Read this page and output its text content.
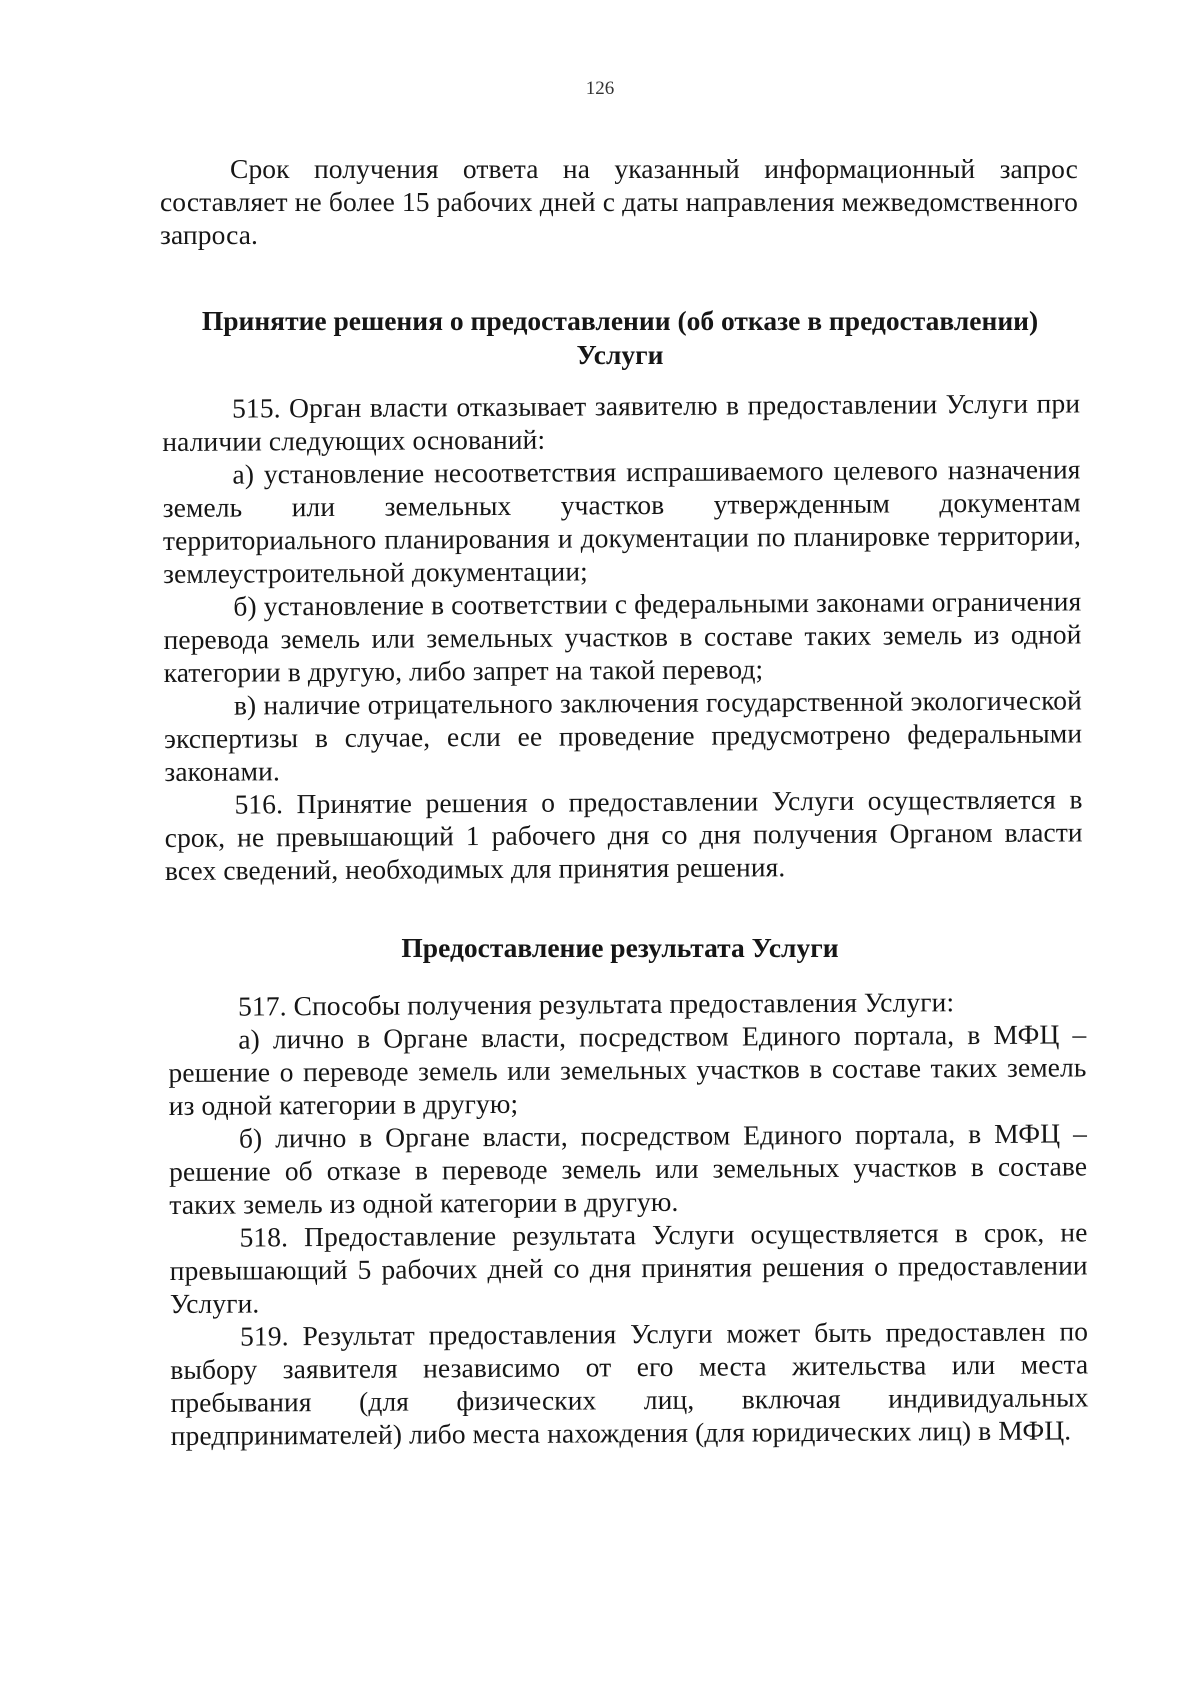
126

Срок получения ответа на указанный информационный запрос составляет не более 15 рабочих дней с даты направления межведомственного запроса.

Принятие решения о предоставлении (об отказе в предоставлении) Услуги

515. Орган власти отказывает заявителю в предоставлении Услуги при наличии следующих оснований:

а) установление несоответствия испрашиваемого целевого назначения земель или земельных участков утвержденным документам территориального планирования и документации по планировке территории, землеустроительной документации;

б) установление в соответствии с федеральными законами ограничения перевода земель или земельных участков в составе таких земель из одной категории в другую, либо запрет на такой перевод;

в) наличие отрицательного заключения государственной экологической экспертизы в случае, если ее проведение предусмотрено федеральными законами.

516. Принятие решения о предоставлении Услуги осуществляется в срок, не превышающий 1 рабочего дня со дня получения Органом власти всех сведений, необходимых для принятия решения.

Предоставление результата Услуги

517. Способы получения результата предоставления Услуги:

а) лично в Органе власти, посредством Единого портала, в МФЦ – решение о переводе земель или земельных участков в составе таких земель из одной категории в другую;

б) лично в Органе власти, посредством Единого портала, в МФЦ – решение об отказе в переводе земель или земельных участков в составе таких земель из одной категории в другую.

518. Предоставление результата Услуги осуществляется в срок, не превышающий 5 рабочих дней со дня принятия решения о предоставлении Услуги.

519. Результат предоставления Услуги может быть предоставлен по выбору заявителя независимо от его места жительства или места пребывания (для физических лиц, включая индивидуальных предпринимателей) либо места нахождения (для юридических лиц) в МФЦ.
